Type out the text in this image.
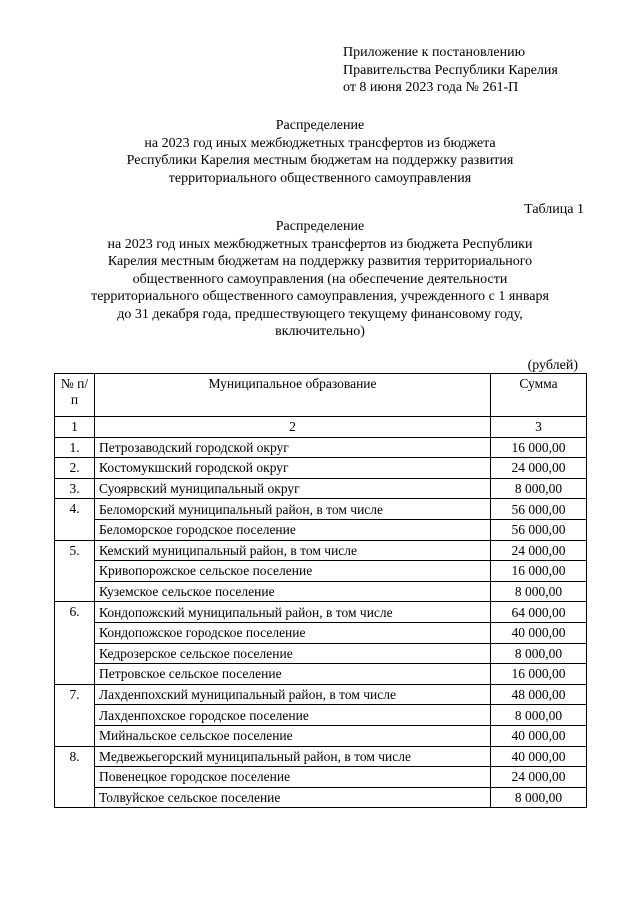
Приложение к постановлению
Правительства Республики Карелия
от 8 июня 2023 года № 261-П
Распределение
на 2023 год иных межбюджетных трансфертов из бюджета
Республики Карелия местным бюджетам на поддержку развития
территориального общественного самоуправления
Таблица 1
Распределение
на 2023 год иных межбюджетных трансфертов из бюджета Республики
Карелия местным бюджетам на поддержку развития территориального
общественного самоуправления (на обеспечение деятельности
территориального общественного самоуправления, учрежденного с 1 января
до 31 декабря года, предшествующего текущему финансовому году,
включительно)
(рублей)
№ п/п	Муниципальное образование	Сумма
1	2	3
1.	Петрозаводский городской округ	16 000,00
2.	Костомукшский городской округ	24 000,00
3.	Суоярвский муниципальный округ	8 000,00
4.	Беломорский муниципальный район, в том числе	56 000,00
	Беломорское городское поселение	56 000,00
5.	Кемский муниципальный район, в том числе	24 000,00
	Кривопорожское сельское поселение	16 000,00
	Куземское сельское поселение	8 000,00
6.	Кондопожский муниципальный район, в том числе	64 000,00
	Кондопожское городское поселение	40 000,00
	Кедрозерское сельское поселение	8 000,00
	Петровское сельское поселение	16 000,00
7.	Лахденпохский муниципальный район, в том числе	48 000,00
	Лахденпохское городское поселение	8 000,00
	Мийнальское сельское поселение	40 000,00
8.	Медвежьегорский муниципальный район, в том числе	40 000,00
	Повенецкое городское поселение	24 000,00
	Толвуйское сельское поселение	8 000,00
